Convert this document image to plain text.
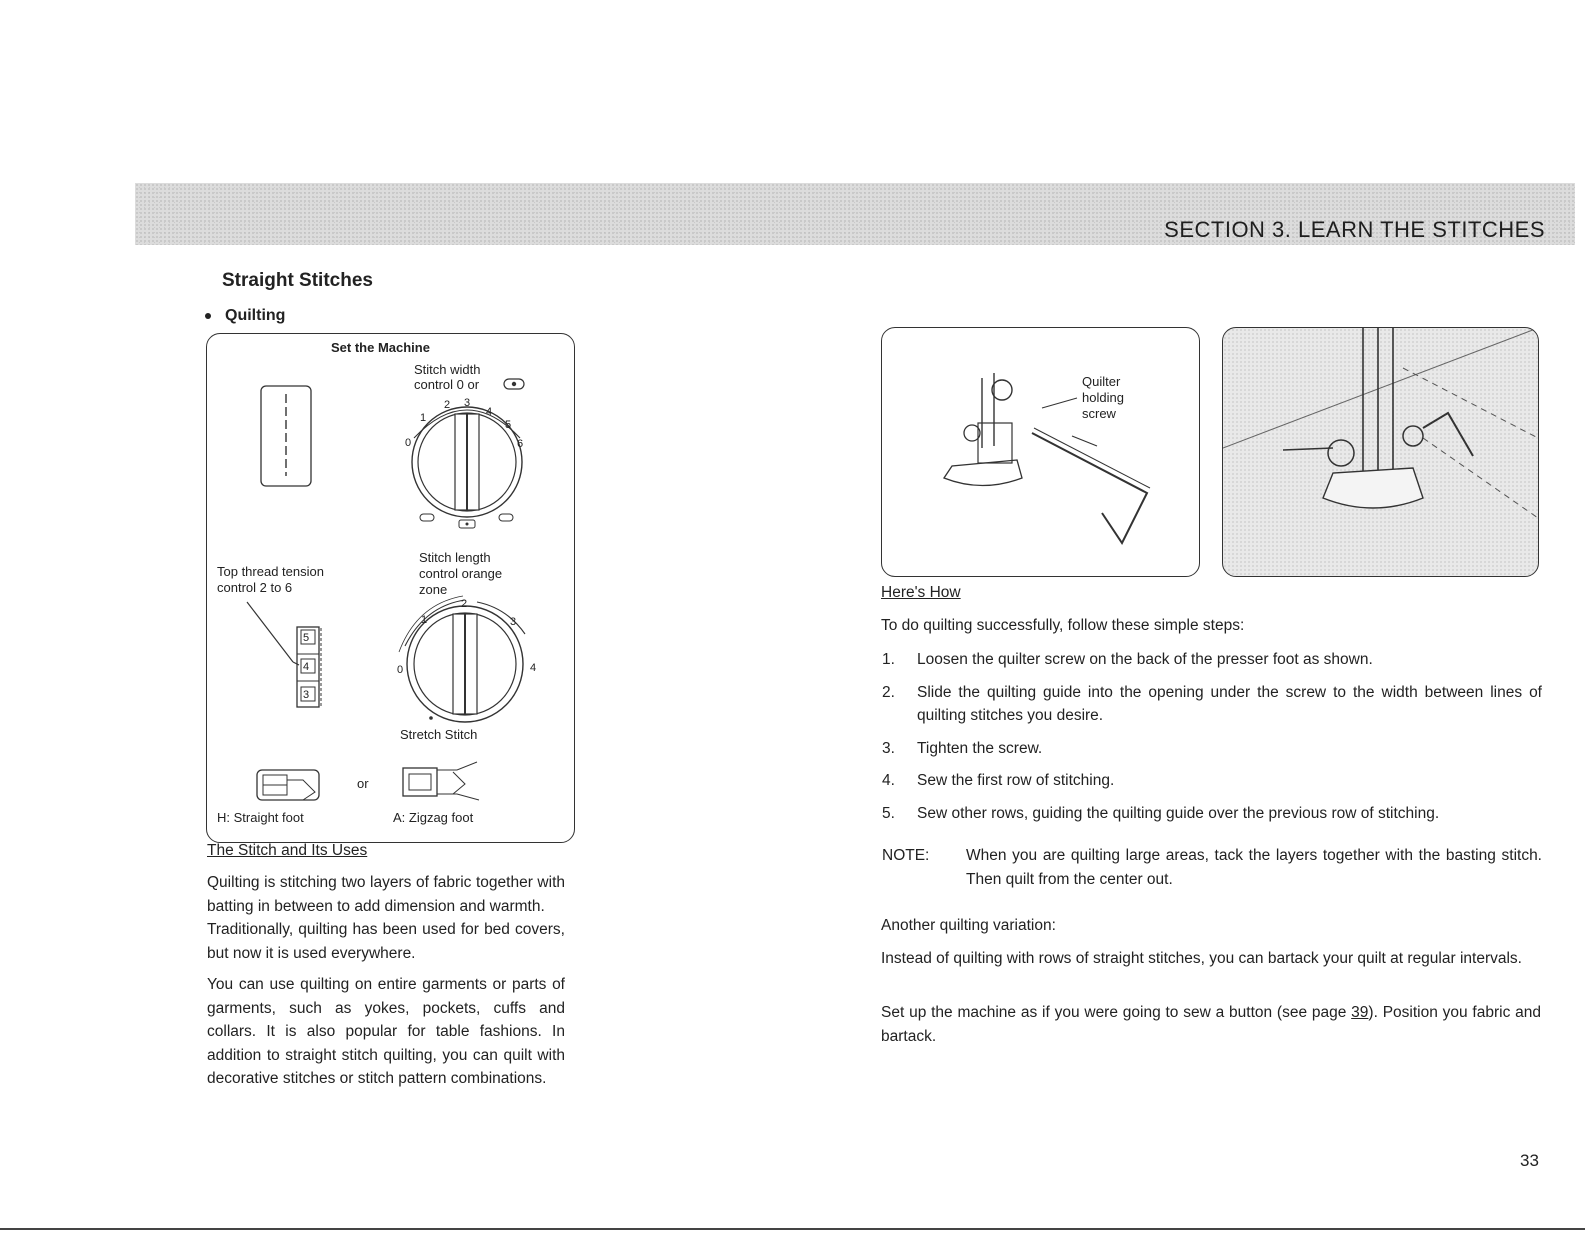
SECTION 3. LEARN THE STITCHES
Straight Stitches
Quilting
Set the Machine
Stitch width
control 0 or
0
1
2 3
4
5
6
Stitch length
control orange
zone
Top thread tension
control 2 to 6
5
4
3
0
1
2
3
4
Stretch Stitch
or
H: Straight foot	A: Zigzag foot
The Stitch and Its Uses

Quilting is stitching two layers of fabric together with batting in between to add dimension and warmth.

Traditionally, quilting has been used for bed covers, but now it is used everywhere.

You can use quilting on entire garments or parts of garments, such as yokes, pockets, cuffs and collars. It is also popular for table fashions. In addition to straight stitch quilting, you can quilt with decorative stitches or stitch pattern combinations.

Quilter
holding
screw
Here's How
To do quilting successfully, follow these simple steps:
1.	Loosen the quilter screw on the back of the presser foot as shown.
2.	Slide the quilting guide into the opening under the screw to the width between lines of quilting stitches you desire.
3.	Tighten the screw.
4.	Sew the first row of stitching.
5.	Sew other rows, guiding the quilting guide over the previous row of stitching.
NOTE:	When you are quilting large areas, tack the layers together with the basting stitch. Then quilt from the center out.
Another quilting variation:
Instead of quilting with rows of straight stitches, you can bartack your quilt at regular intervals.
Set up the machine as if you were going to sew a button (see page 39). Position you fabric and bartack.
33
